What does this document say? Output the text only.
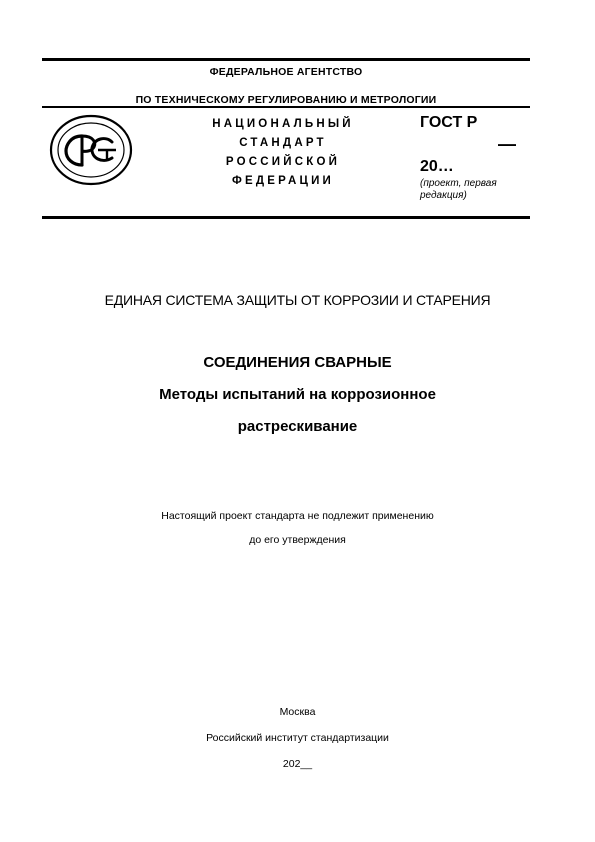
ФЕДЕРАЛЬНОЕ АГЕНТСТВО
ПО ТЕХНИЧЕСКОМУ РЕГУЛИРОВАНИЮ И МЕТРОЛОГИИ
НАЦИОНАЛЬНЫЙ
СТАНДАРТ
РОССИЙСКОЙ
ФЕДЕРАЦИИ
ГОСТ Р
—
20…
(проект, первая
редакция)
ЕДИНАЯ СИСТЕМА ЗАЩИТЫ ОТ КОРРОЗИИ И СТАРЕНИЯ
СОЕДИНЕНИЯ СВАРНЫЕ
Методы испытаний на коррозионное
растрескивание
Настоящий проект стандарта не подлежит применению
до его утверждения
Москва
Российский институт стандартизации
202__
